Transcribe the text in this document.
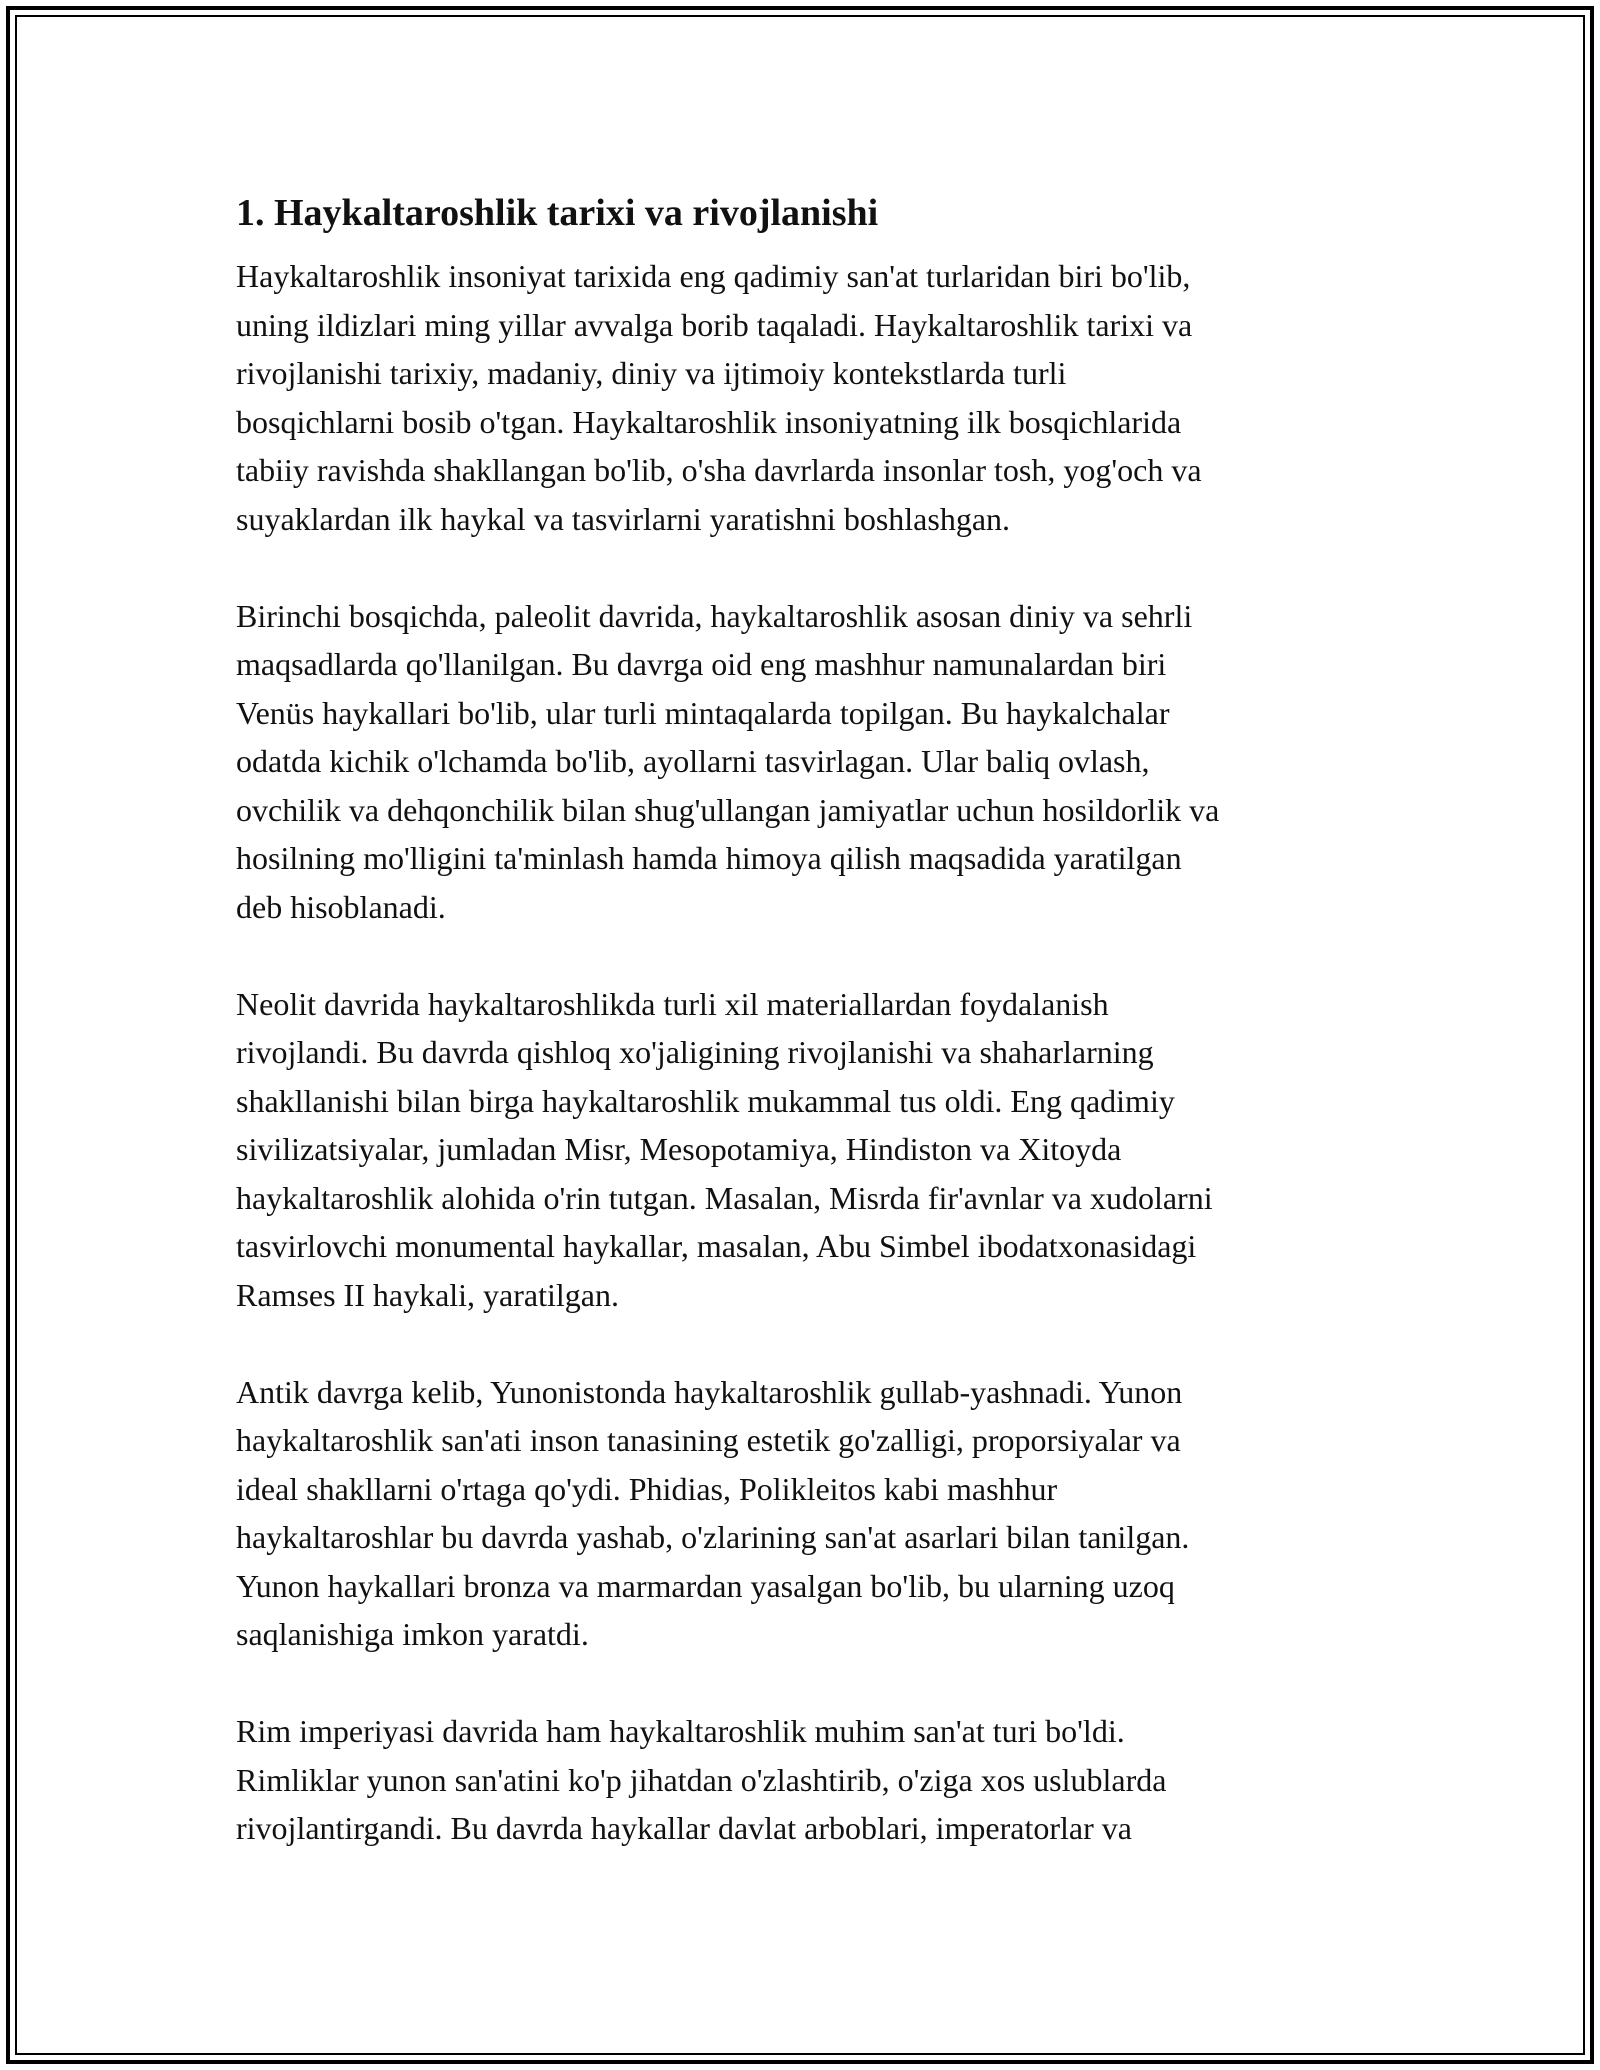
1. Haykaltaroshlik tarixi va rivojlanishi

Haykaltaroshlik insoniyat tarixida eng qadimiy san'at turlaridan biri bo'lib,
uning ildizlari ming yillar avvalga borib taqaladi. Haykaltaroshlik tarixi va
rivojlanishi tarixiy, madaniy, diniy va ijtimoiy kontekstlarda turli
bosqichlarni bosib o'tgan. Haykaltaroshlik insoniyatning ilk bosqichlarida
tabiiy ravishda shakllangan bo'lib, o'sha davrlarda insonlar tosh, yog'och va
suyaklardan ilk haykal va tasvirlarni yaratishni boshlashgan.

Birinchi bosqichda, paleolit davrida, haykaltaroshlik asosan diniy va sehrli
maqsadlarda qo'llanilgan. Bu davrga oid eng mashhur namunalardan biri
Venüs haykallari bo'lib, ular turli mintaqalarda topilgan. Bu haykalchalar
odatda kichik o'lchamda bo'lib, ayollarni tasvirlagan. Ular baliq ovlash,
ovchilik va dehqonchilik bilan shug'ullangan jamiyatlar uchun hosildorlik va
hosilning mo'lligini ta'minlash hamda himoya qilish maqsadida yaratilgan
deb hisoblanadi.

Neolit davrida haykaltaroshlikda turli xil materiallardan foydalanish
rivojlandi. Bu davrda qishloq xo'jaligining rivojlanishi va shaharlarning
shakllanishi bilan birga haykaltaroshlik mukammal tus oldi. Eng qadimiy
sivilizatsiyalar, jumladan Misr, Mesopotamiya, Hindiston va Xitoyda
haykaltaroshlik alohida o'rin tutgan. Masalan, Misrda fir'avnlar va xudolarni
tasvirlovchi monumental haykallar, masalan, Abu Simbel ibodatxonasidagi
Ramses II haykali, yaratilgan.

Antik davrga kelib, Yunonistonda haykaltaroshlik gullab-yashnadi. Yunon
haykaltaroshlik san'ati inson tanasining estetik go'zalligi, proporsiyalar va
ideal shakllarni o'rtaga qo'ydi. Phidias, Polikleitos kabi mashhur
haykaltaroshlar bu davrda yashab, o'zlarining san'at asarlari bilan tanilgan.
Yunon haykallari bronza va marmardan yasalgan bo'lib, bu ularning uzoq
saqlanishiga imkon yaratdi.

Rim imperiyasi davrida ham haykaltaroshlik muhim san'at turi bo'ldi.
Rimliklar yunon san'atini ko'p jihatdan o'zlashtirib, o'ziga xos uslublarda
rivojlantirgandi. Bu davrda haykallar davlat arboblari, imperatorlar va
